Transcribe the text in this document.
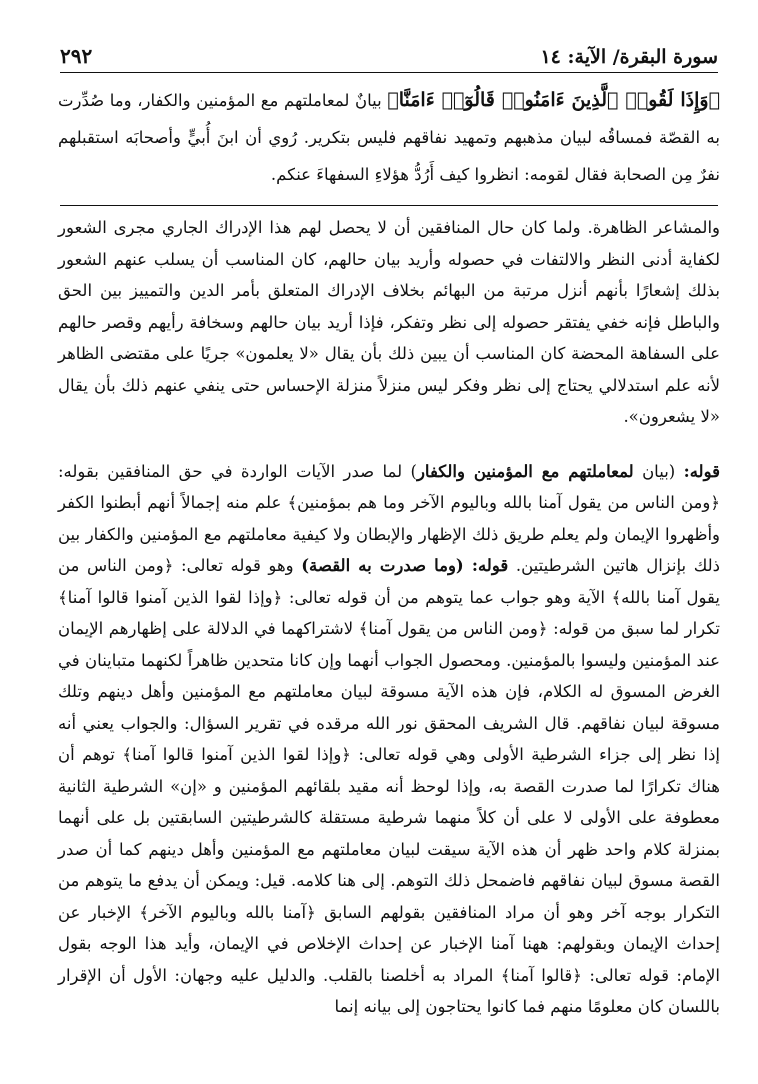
سورة البقرة/ الآية: ١٤
٢٩٢
﴿وَإِذَا لَقُوا۟ ٱلَّذِينَ ءَامَنُوا۟ قَالُوٓا۟ ءَامَنَّا﴾ بيانٌ لمعاملتهم مع المؤمنين والكفار، وما صُدِّرت به القصّة فمساقُه لبيان مذهبهم وتمهيد نفاقهم فليس بتكرير. رُوي أن ابنَ أُبيٍّ وأصحابَه استقبلهم نفرٌ مِن الصحابة فقال لقومه: انظروا كيف أَرُدُّ هؤلاءِ السفهاءَ عنكم.

والمشاعر الظاهرة. ولما كان حال المنافقين أن لا يحصل لهم هذا الإدراك الجاري مجرى الشعور لكفاية أدنى النظر والالتفات في حصوله وأريد بيان حالهم، كان المناسب أن يسلب عنهم الشعور بذلك إشعارًا بأنهم أنزل مرتبة من البهائم بخلاف الإدراك المتعلق بأمر الدين والتمييز بين الحق والباطل فإنه خفي يفتقر حصوله إلى نظر وتفكر، فإذا أريد بيان حالهم وسخافة رأيهم وقصر حالهم على السفاهة المحضة كان المناسب أن يبين ذلك بأن يقال «لا يعلمون» جريًا على مقتضى الظاهر لأنه علم استدلالي يحتاج إلى نظر وفكر ليس منزلاً منزلة الإحساس حتى ينفي عنهم ذلك بأن يقال «لا يشعرون».

قوله: (بيان لمعاملتهم مع المؤمنين والكفار) لما صدر الآيات الواردة في حق المنافقين بقوله: ﴿ومن الناس من يقول آمنا بالله وباليوم الآخر وما هم بمؤمنين﴾ علم منه إجمالاً أنهم أبطنوا الكفر وأظهروا الإيمان ولم يعلم طريق ذلك الإظهار والإبطان ولا كيفية معاملتهم مع المؤمنين والكفار بين ذلك بإنزال هاتين الشرطيتين. قوله: (وما صدرت به القصة) وهو قوله تعالى: ﴿ومن الناس من يقول آمنا بالله﴾ الآية وهو جواب عما يتوهم من أن قوله تعالى: ﴿وإذا لقوا الذين آمنوا قالوا آمنا﴾ تكرار لما سبق من قوله: ﴿ومن الناس من يقول آمنا﴾ لاشتراكهما في الدلالة على إظهارهم الإيمان عند المؤمنين وليسوا بالمؤمنين. ومحصول الجواب أنهما وإن كانا متحدين ظاهراً لكنهما متباينان في الغرض المسوق له الكلام، فإن هذه الآية مسوقة لبيان معاملتهم مع المؤمنين وأهل دينهم وتلك مسوقة لبيان نفاقهم. قال الشريف المحقق نور الله مرقده في تقرير السؤال: والجواب يعني أنه إذا نظر إلى جزاء الشرطية الأولى وهي قوله تعالى: ﴿وإذا لقوا الذين آمنوا قالوا آمنا﴾ توهم أن هناك تكرارًا لما صدرت القصة به، وإذا لوحظ أنه مقيد بلقائهم المؤمنين و «إن» الشرطية الثانية معطوفة على الأولى لا على أن كلاً منهما شرطية مستقلة كالشرطيتين السابقتين بل على أنهما بمنزلة كلام واحد ظهر أن هذه الآية سيقت لبيان معاملتهم مع المؤمنين وأهل دينهم كما أن صدر القصة مسوق لبيان نفاقهم فاضمحل ذلك التوهم. إلى هنا كلامه. قيل: ويمكن أن يدفع ما يتوهم من التكرار بوجه آخر وهو أن مراد المنافقين بقولهم السابق ﴿آمنا بالله وباليوم الآخر﴾ الإخبار عن إحداث الإيمان وبقولهم: ههنا آمنا الإخبار عن إحداث الإخلاص في الإيمان، وأيد هذا الوجه بقول الإمام: قوله تعالى: ﴿قالوا آمنا﴾ المراد به أخلصنا بالقلب. والدليل عليه وجهان: الأول أن الإقرار باللسان كان معلومًا منهم فما كانوا يحتاجون إلى بيانه إنما
